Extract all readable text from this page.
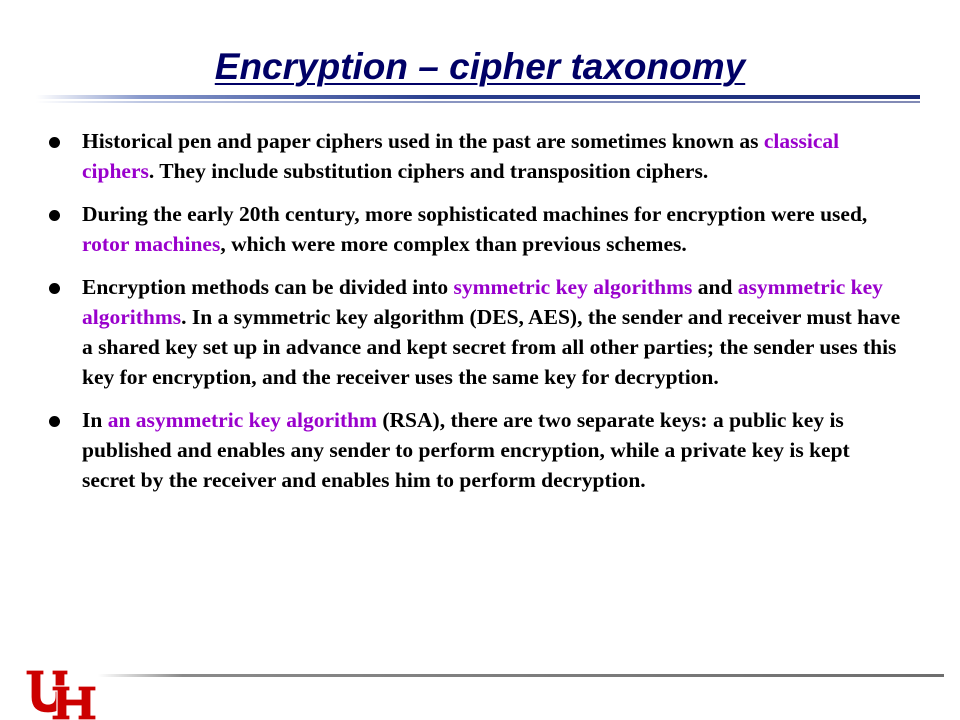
Encryption – cipher taxonomy
Historical pen and paper ciphers used in the past are sometimes known as classical ciphers. They include substitution ciphers and transposition ciphers.
During the early 20th century, more sophisticated machines for encryption were used, rotor machines, which were more complex than previous schemes.
Encryption methods can be divided into symmetric key algorithms and asymmetric key algorithms. In a symmetric key algorithm (DES, AES), the sender and receiver must have a shared key set up in advance and kept secret from all other parties; the sender uses this key for encryption, and the receiver uses the same key for decryption.
In an asymmetric key algorithm (RSA), there are two separate keys: a public key is published and enables any sender to perform encryption, while a private key is kept secret by the receiver and enables him to perform decryption.
